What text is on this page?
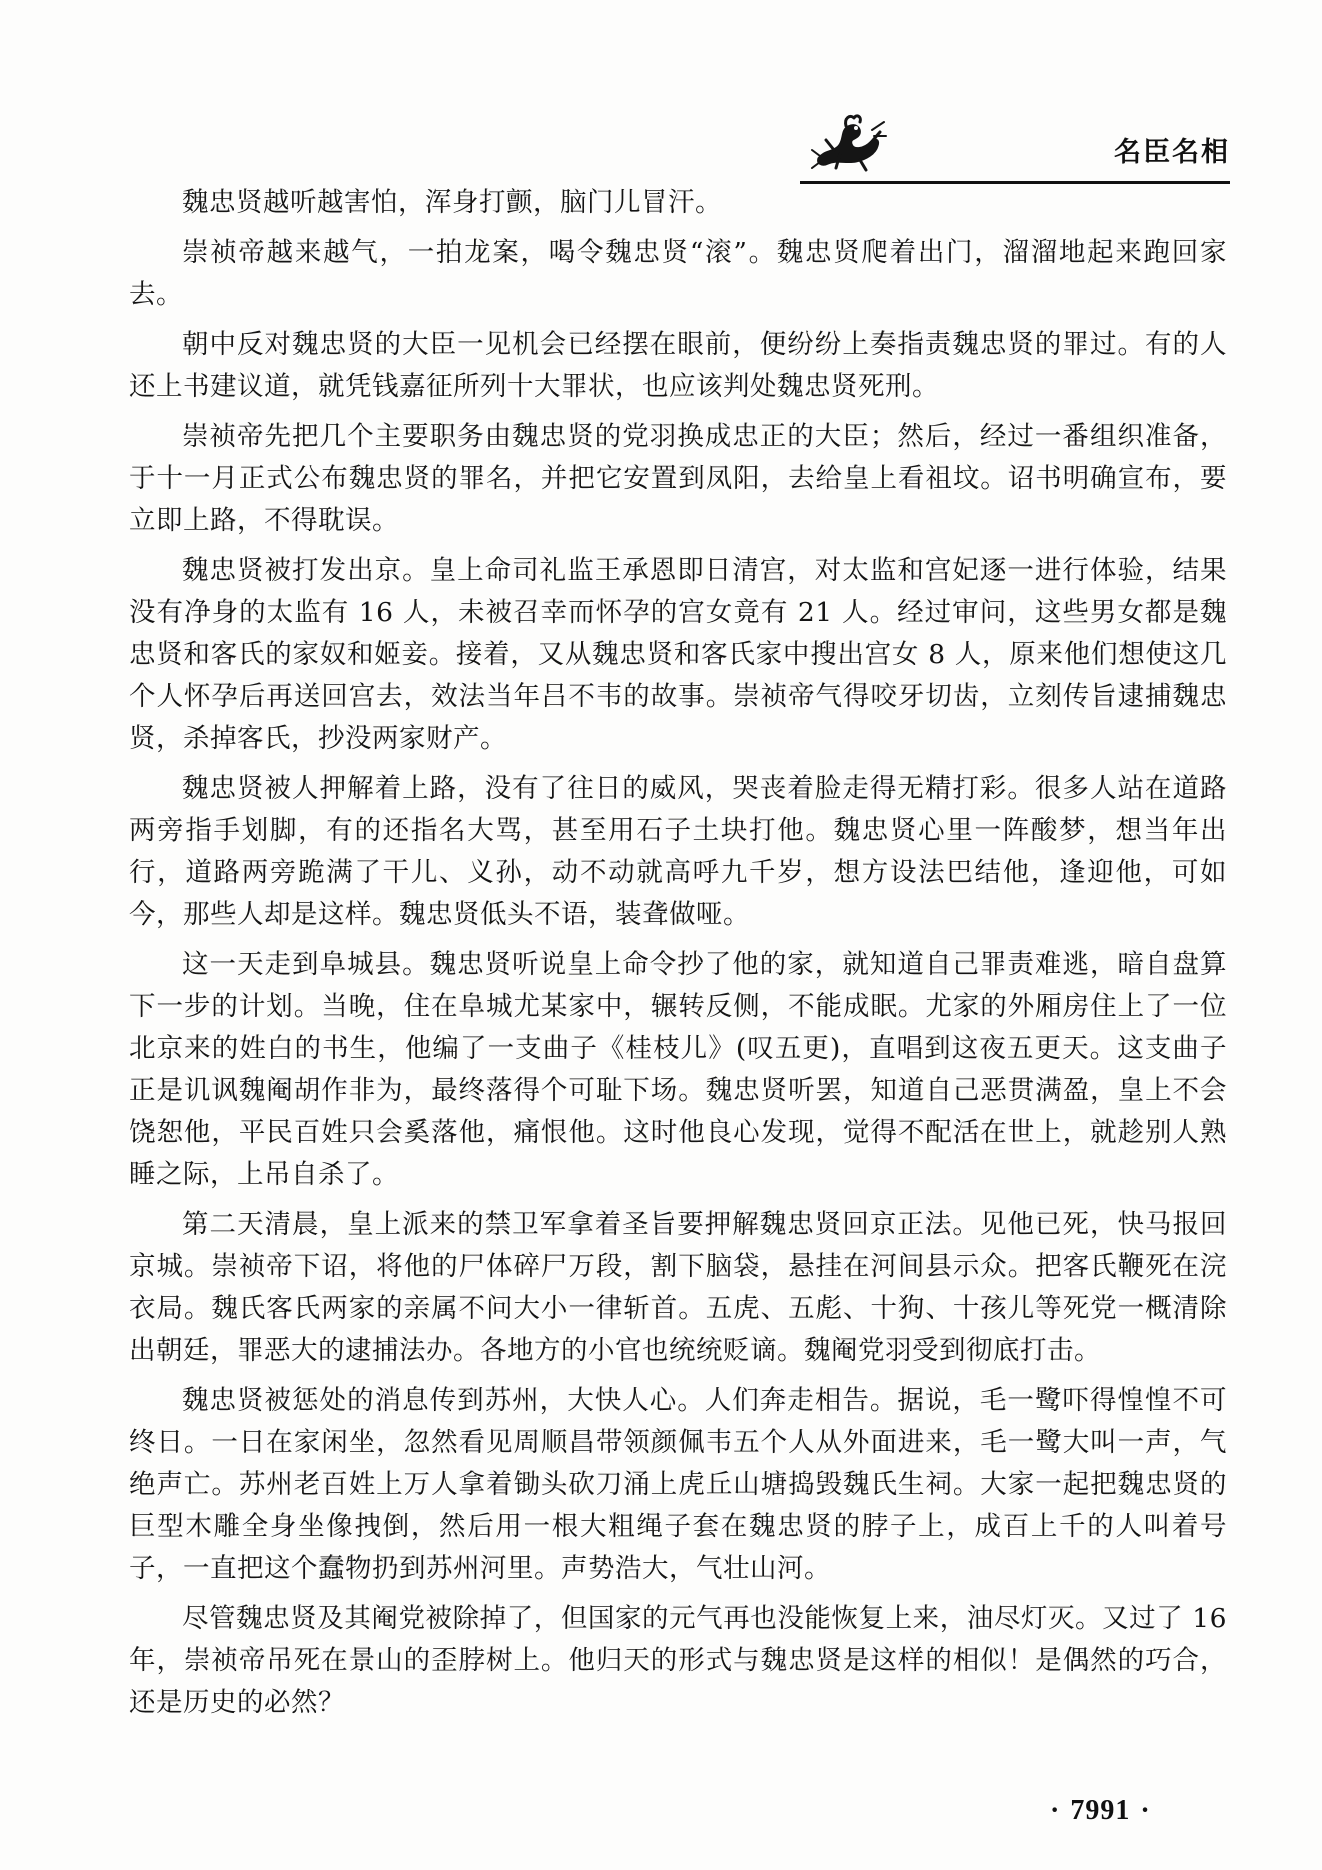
名臣名相

魏忠贤越听越害怕，浑身打颤，脑门儿冒汗。

崇祯帝越来越气，一拍龙案，喝令魏忠贤“滚”。魏忠贤爬着出门，溜溜地起来跑回家去。

朝中反对魏忠贤的大臣一见机会已经摆在眼前，便纷纷上奏指责魏忠贤的罪过。有的人还上书建议道，就凭钱嘉征所列十大罪状，也应该判处魏忠贤死刑。

崇祯帝先把几个主要职务由魏忠贤的党羽换成忠正的大臣；然后，经过一番组织准备，于十一月正式公布魏忠贤的罪名，并把它安置到凤阳，去给皇上看祖坟。诏书明确宣布，要立即上路，不得耽误。

魏忠贤被打发出京。皇上命司礼监王承恩即日清宫，对太监和宫妃逐一进行体验，结果没有净身的太监有 16 人，未被召幸而怀孕的宫女竟有 21 人。经过审问，这些男女都是魏忠贤和客氏的家奴和姬妾。接着，又从魏忠贤和客氏家中搜出宫女 8 人，原来他们想使这几个人怀孕后再送回宫去，效法当年吕不韦的故事。崇祯帝气得咬牙切齿，立刻传旨逮捕魏忠贤，杀掉客氏，抄没两家财产。

魏忠贤被人押解着上路，没有了往日的威风，哭丧着脸走得无精打彩。很多人站在道路两旁指手划脚，有的还指名大骂，甚至用石子土块打他。魏忠贤心里一阵酸梦，想当年出行，道路两旁跪满了干儿、义孙，动不动就高呼九千岁，想方设法巴结他，逢迎他，可如今，那些人却是这样。魏忠贤低头不语，装聋做哑。

这一天走到阜城县。魏忠贤听说皇上命令抄了他的家，就知道自己罪责难逃，暗自盘算下一步的计划。当晚，住在阜城尤某家中，辗转反侧，不能成眠。尤家的外厢房住上了一位北京来的姓白的书生，他编了一支曲子《桂枝儿》(叹五更)，直唱到这夜五更天。这支曲子正是讥讽魏阉胡作非为，最终落得个可耻下场。魏忠贤听罢，知道自己恶贯满盈，皇上不会饶恕他，平民百姓只会奚落他，痛恨他。这时他良心发现，觉得不配活在世上，就趁别人熟睡之际，上吊自杀了。

第二天清晨，皇上派来的禁卫军拿着圣旨要押解魏忠贤回京正法。见他已死，快马报回京城。崇祯帝下诏，将他的尸体碎尸万段，割下脑袋，悬挂在河间县示众。把客氏鞭死在浣衣局。魏氏客氏两家的亲属不问大小一律斩首。五虎、五彪、十狗、十孩儿等死党一概清除出朝廷，罪恶大的逮捕法办。各地方的小官也统统贬谪。魏阉党羽受到彻底打击。

魏忠贤被惩处的消息传到苏州，大快人心。人们奔走相告。据说，毛一鹭吓得惶惶不可终日。一日在家闲坐，忽然看见周顺昌带领颜佩韦五个人从外面进来，毛一鹭大叫一声，气绝声亡。苏州老百姓上万人拿着锄头砍刀涌上虎丘山塘捣毁魏氏生祠。大家一起把魏忠贤的巨型木雕全身坐像拽倒，然后用一根大粗绳子套在魏忠贤的脖子上，成百上千的人叫着号子，一直把这个蠢物扔到苏州河里。声势浩大，气壮山河。

尽管魏忠贤及其阉党被除掉了，但国家的元气再也没能恢复上来，油尽灯灭。又过了 16 年，崇祯帝吊死在景山的歪脖树上。他归天的形式与魏忠贤是这样的相似！是偶然的巧合，还是历史的必然？

· 7991 ·
